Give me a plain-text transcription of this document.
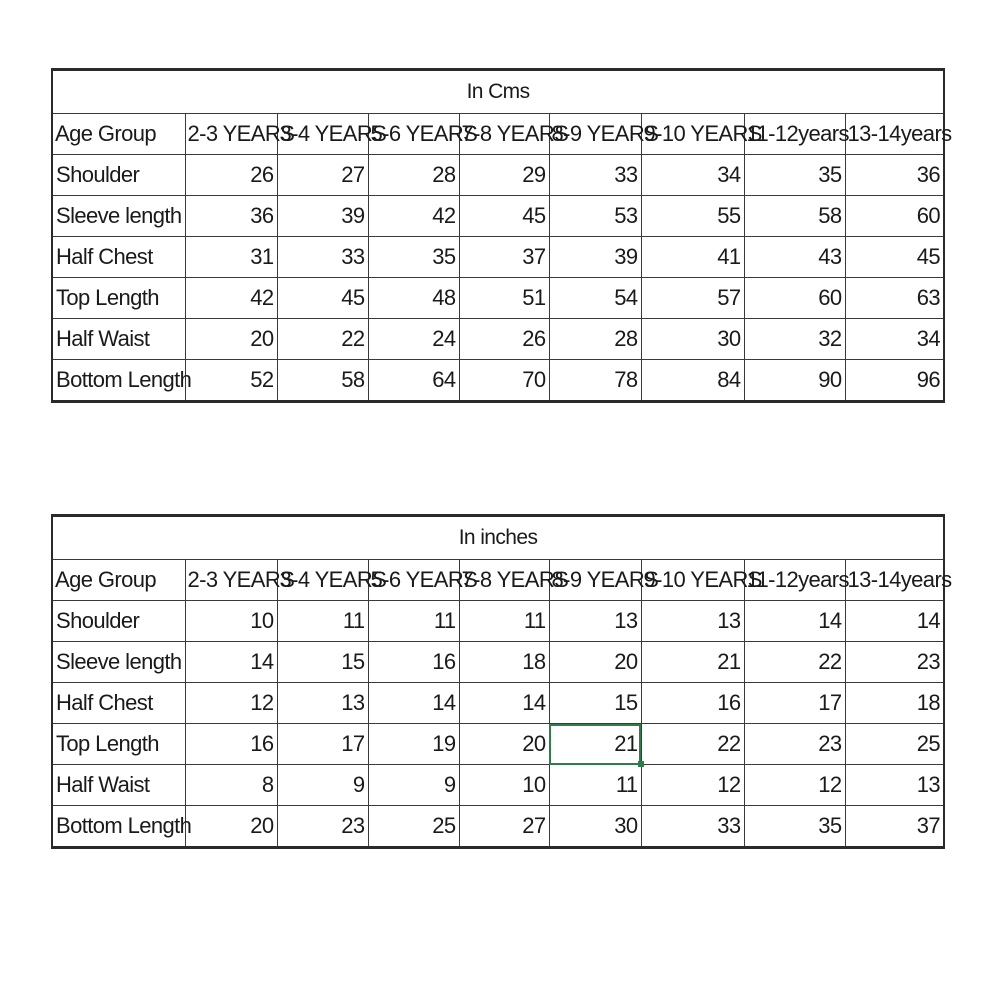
In Cms								
Age Group	2-3 YEARS	3-4 YEARS	5-6 YEARS	7-8 YEARS	8-9 YEARS	9-10 YEARS	11-12years	13-14years
Shoulder	26	27	28	29	33	34	35	36
Sleeve length	36	39	42	45	53	55	58	60
Half Chest	31	33	35	37	39	41	43	45
Top Length	42	45	48	51	54	57	60	63
Half Waist	20	22	24	26	28	30	32	34
Bottom Length	52	58	64	70	78	84	90	96
In inches								
Age Group	2-3 YEARS	3-4 YEARS	5-6 YEARS	7-8 YEARS	8-9 YEARS	9-10 YEARS	11-12years	13-14years
Shoulder	10	11	11	11	13	13	14	14
Sleeve length	14	15	16	18	20	21	22	23
Half Chest	12	13	14	14	15	16	17	18
Top Length	16	17	19	20	21	22	23	25
Half Waist	8	9	9	10	11	12	12	13
Bottom Length	20	23	25	27	30	33	35	37
